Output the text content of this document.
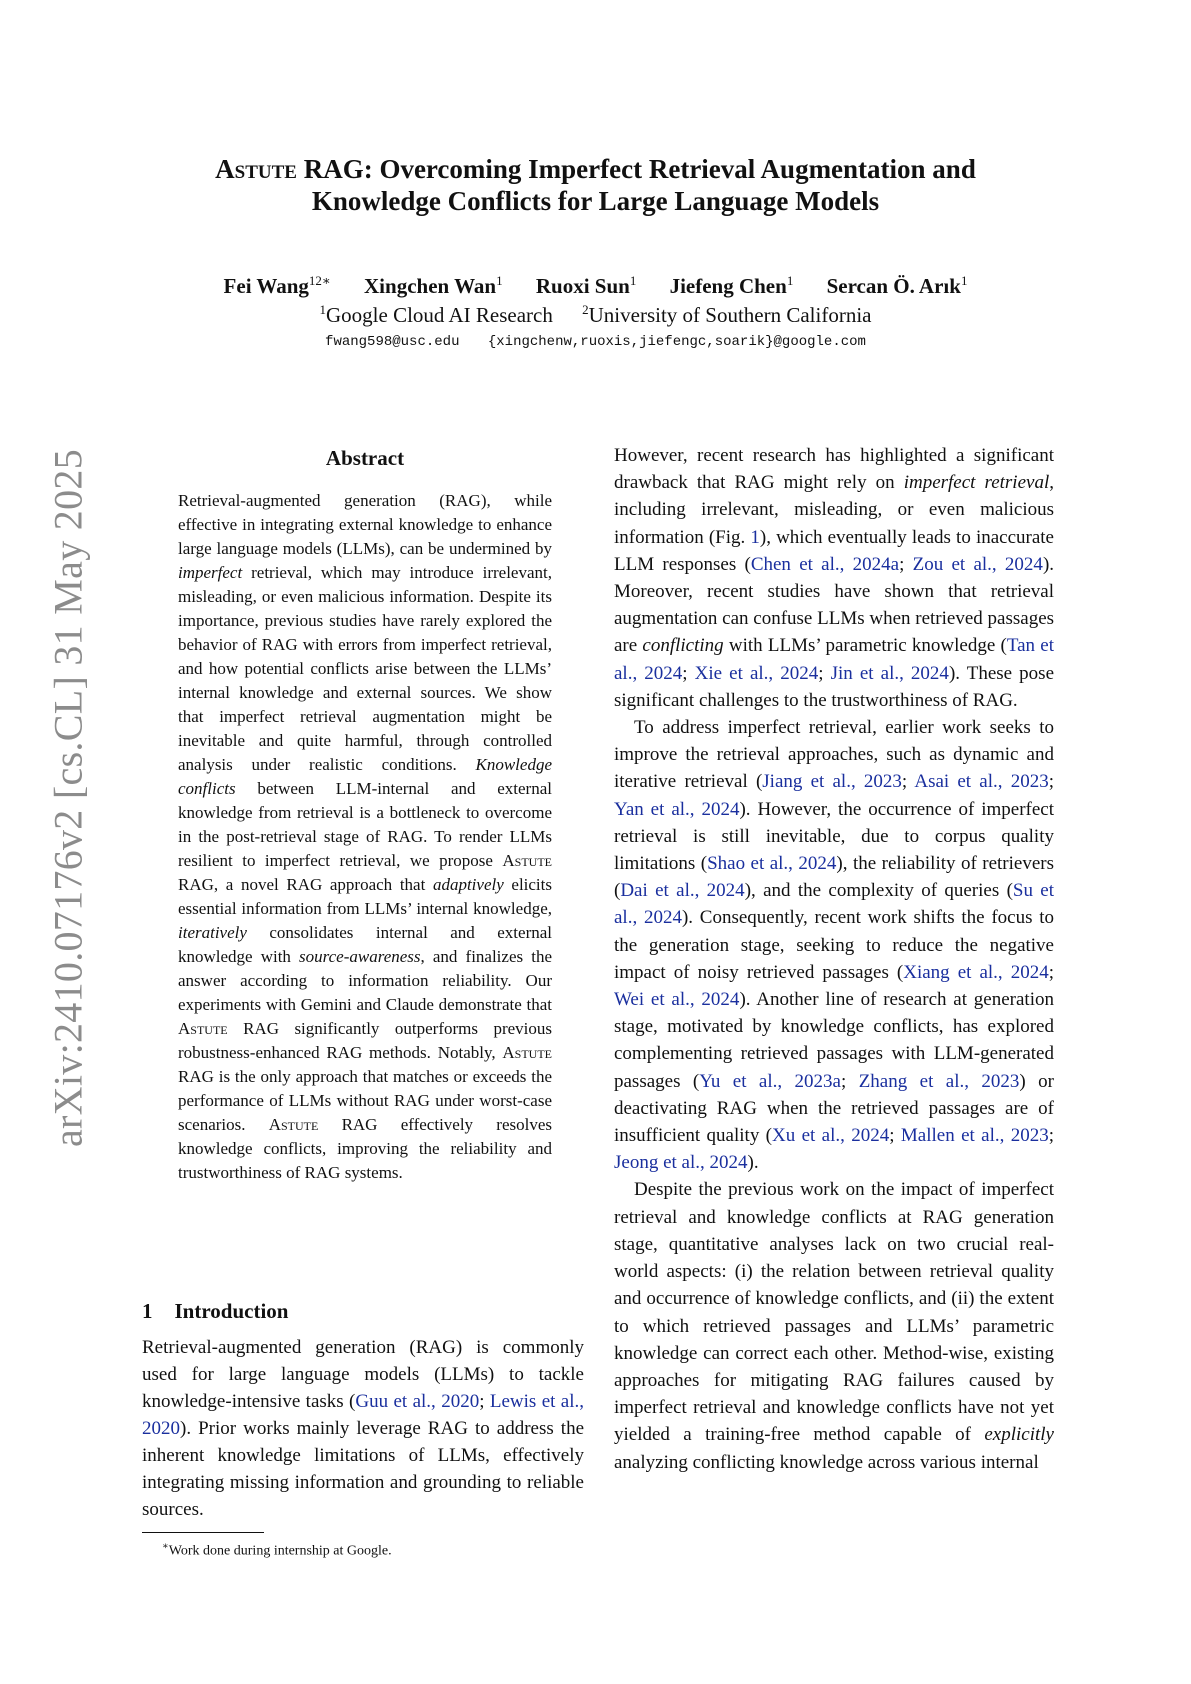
arXiv:2410.07176v2 [cs.CL] 31 May 2025
Astute RAG: Overcoming Imperfect Retrieval Augmentation and
Knowledge Conflicts for Large Language Models
Fei Wang$^{12∗}$ Xingchen Wan$^1$ Ruoxi Sun$^1$ Jiefeng Chen$^1$ Sercan Ö. Arık$^1$
$^1$Google Cloud AI Research $^2$University of Southern California
fwang598@usc.edu {xingchenw,ruoxis,jiefengc,soarik}@google.com
Abstract
Retrieval-augmented generation (RAG), while effective in integrating external knowledge to enhance large language models (LLMs), can be undermined by imperfect retrieval, which may introduce irrelevant, misleading, or even malicious information. Despite its importance, previous studies have rarely explored the behavior of RAG with errors from imperfect retrieval, and how potential conflicts arise between the LLMs’ internal knowledge and external sources. We show that imperfect retrieval augmentation might be inevitable and quite harmful, through controlled analysis under realistic conditions. Knowledge conflicts between LLM-internal and external knowledge from retrieval is a bottleneck to overcome in the post-retrieval stage of RAG. To render LLMs resilient to imperfect retrieval, we propose Astute RAG, a novel RAG approach that adaptively elicits essential information from LLMs’ internal knowledge, iteratively consolidates internal and external knowledge with source-awareness, and finalizes the answer according to information reliability. Our experiments with Gemini and Claude demonstrate that Astute RAG significantly outperforms previous robustness-enhanced RAG methods. Notably, Astute RAG is the only approach that matches or exceeds the performance of LLMs without RAG under worst-case scenarios. Astute RAG effectively resolves knowledge conflicts, improving the reliability and trustworthiness of RAG systems.
1 Introduction
Retrieval-augmented generation (RAG) is commonly used for large language models (LLMs) to tackle knowledge-intensive tasks (Guu et al., 2020; Lewis et al., 2020). Prior works mainly leverage RAG to address the inherent knowledge limitations of LLMs, effectively integrating missing information and grounding to reliable sources.
∗Work done during internship at Google.

However, recent research has highlighted a significant drawback that RAG might rely on imperfect retrieval, including irrelevant, misleading, or even malicious information (Fig. 1), which eventually leads to inaccurate LLM responses (Chen et al., 2024a; Zou et al., 2024). Moreover, recent studies have shown that retrieval augmentation can confuse LLMs when retrieved passages are conflicting with LLMs’ parametric knowledge (Tan et al., 2024; Xie et al., 2024; Jin et al., 2024). These pose significant challenges to the trustworthiness of RAG.

To address imperfect retrieval, earlier work seeks to improve the retrieval approaches, such as dynamic and iterative retrieval (Jiang et al., 2023; Asai et al., 2023; Yan et al., 2024). However, the occurrence of imperfect retrieval is still inevitable, due to corpus quality limitations (Shao et al., 2024), the reliability of retrievers (Dai et al., 2024), and the complexity of queries (Su et al., 2024). Consequently, recent work shifts the focus to the generation stage, seeking to reduce the negative impact of noisy retrieved passages (Xiang et al., 2024; Wei et al., 2024). Another line of research at generation stage, motivated by knowledge conflicts, has explored complementing retrieved passages with LLM-generated passages (Yu et al., 2023a; Zhang et al., 2023) or deactivating RAG when the retrieved passages are of insufficient quality (Xu et al., 2024; Mallen et al., 2023; Jeong et al., 2024).

Despite the previous work on the impact of imperfect retrieval and knowledge conflicts at RAG generation stage, quantitative analyses lack on two crucial real-world aspects: (i) the relation between retrieval quality and occurrence of knowledge conflicts, and (ii) the extent to which retrieved passages and LLMs’ parametric knowledge can correct each other. Method-wise, existing approaches for mitigating RAG failures caused by imperfect retrieval and knowledge conflicts have not yet yielded a training-free method capable of explicitly analyzing conflicting knowledge across various internal
